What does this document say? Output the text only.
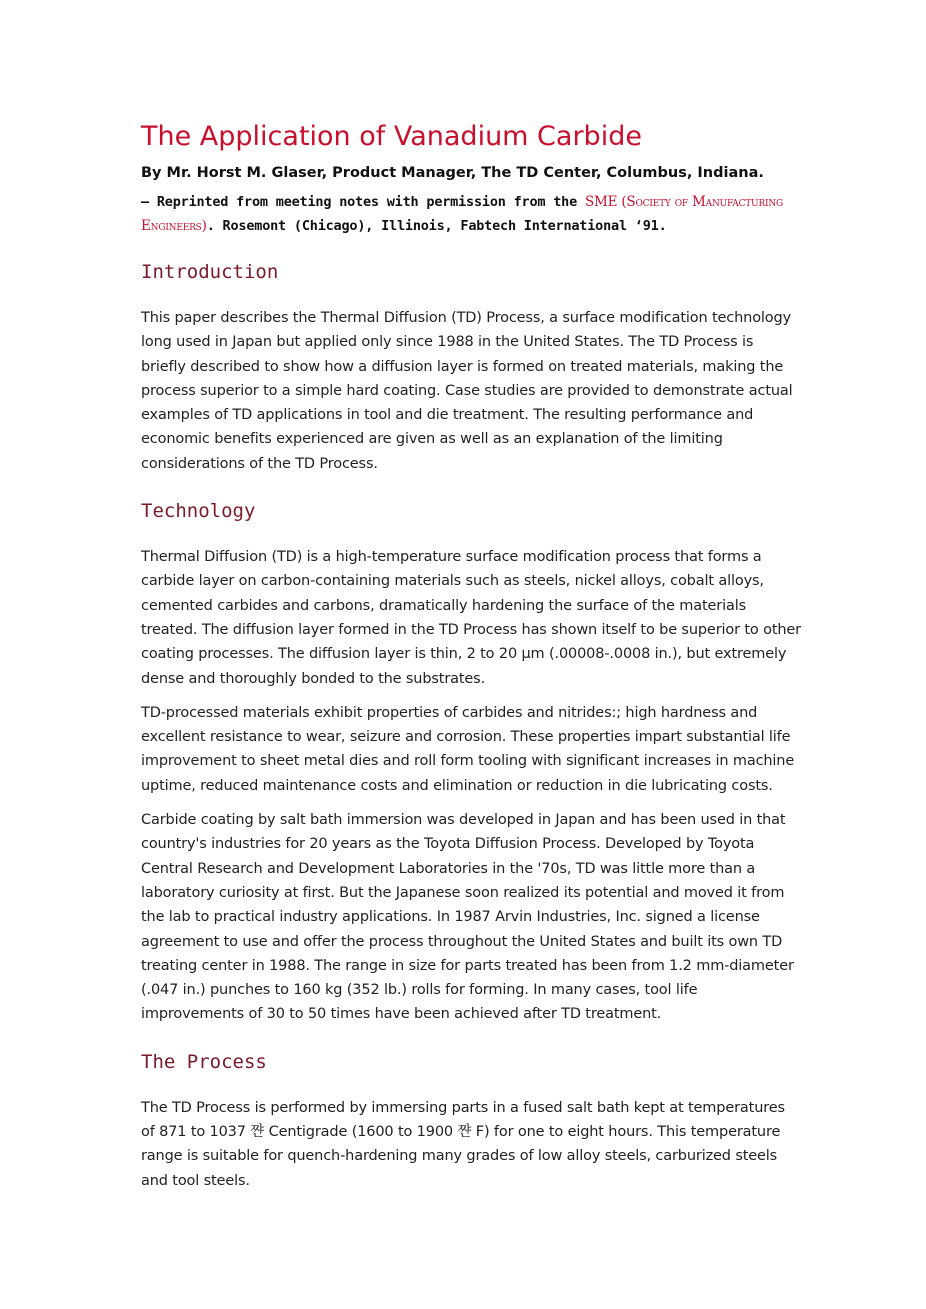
The Application of Vanadium Carbide

By Mr. Horst M. Glaser, Product Manager, The TD Center, Columbus, Indiana.

— Reprinted from meeting notes with permission from the SME (Society of Manufacturing Engineers). Rosemont (Chicago), Illinois, Fabtech International ‘91.

Introduction

This paper describes the Thermal Diffusion (TD) Process, a surface modification technology long used in Japan but applied only since 1988 in the United States. The TD Process is briefly described to show how a diffusion layer is formed on treated materials, making the process superior to a simple hard coating. Case studies are provided to demonstrate actual examples of TD applications in tool and die treatment. The resulting performance and economic benefits experienced are given as well as an explanation of the limiting considerations of the TD Process.

Technology

Thermal Diffusion (TD) is a high-temperature surface modification process that forms a carbide layer on carbon-containing materials such as steels, nickel alloys, cobalt alloys, cemented carbides and carbons, dramatically hardening the surface of the materials treated. The diffusion layer formed in the TD Process has shown itself to be superior to other coating processes. The diffusion layer is thin, 2 to 20 µm (.00008-.0008 in.), but extremely dense and thoroughly bonded to the substrates.

TD-processed materials exhibit properties of carbides and nitrides:; high hardness and excellent resistance to wear, seizure and corrosion. These properties impart substantial life improvement to sheet metal dies and roll form tooling with significant increases in machine uptime, reduced maintenance costs and elimination or reduction in die lubricating costs.

Carbide coating by salt bath immersion was developed in Japan and has been used in that country's industries for 20 years as the Toyota Diffusion Process. Developed by Toyota Central Research and Development Laboratories in the '70s, TD was little more than a laboratory curiosity at first. But the Japanese soon realized its potential and moved it from the lab to practical industry applications. In 1987 Arvin Industries, Inc. signed a license agreement to use and offer the process throughout the United States and built its own TD treating center in 1988. The range in size for parts treated has been from 1.2 mm-diameter (.047 in.) punches to 160 kg (352 lb.) rolls for forming. In many cases, tool life improvements of 30 to 50 times have been achieved after TD treatment.

The Process

The TD Process is performed by immersing parts in a fused salt bath kept at temperatures of 871 to 1037 쨘 Centigrade (1600 to 1900 쨘 F) for one to eight hours. This temperature range is suitable for quench-hardening many grades of low alloy steels, carburized steels and tool steels.
